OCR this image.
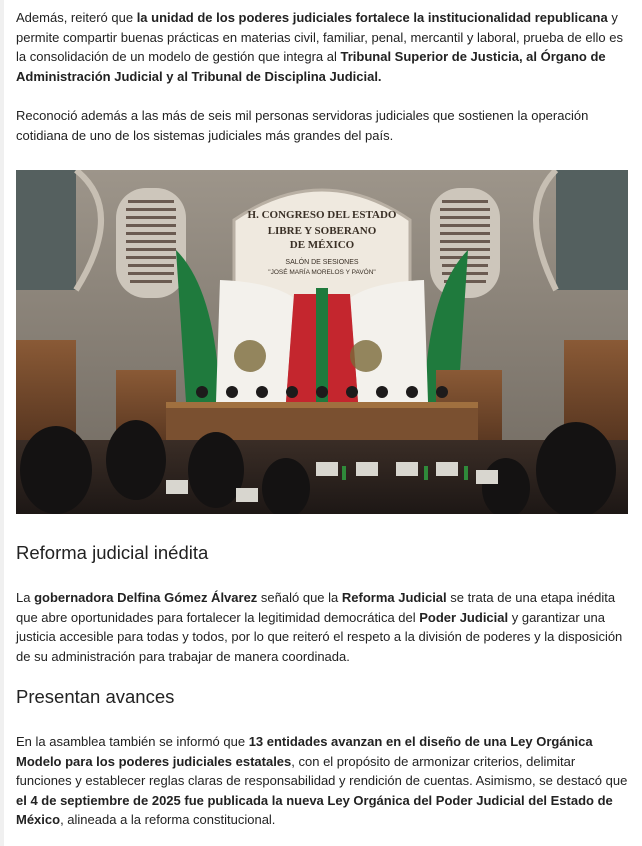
Además, reiteró que la unidad de los poderes judiciales fortalece la institucionalidad republicana y permite compartir buenas prácticas en materias civil, familiar, penal, mercantil y laboral, prueba de ello es la consolidación de un modelo de gestión que integra al Tribunal Superior de Justicia, al Órgano de Administración Judicial y al Tribunal de Disciplina Judicial.

Reconoció además a las más de seis mil personas servidoras judiciales que sostienen la operación cotidiana de uno de los sistemas judiciales más grandes del país.

H. CONGRESO DEL ESTADO
LIBRE Y SOBERANO
DE MÉXICO
SALÓN DE SESIONES
"JOSÉ MARÍA MORELOS Y PAVÓN"
Reforma judicial inédita

La gobernadora Delfina Gómez Álvarez señaló que la Reforma Judicial se trata de una etapa inédita que abre oportunidades para fortalecer la legitimidad democrática del Poder Judicial y garantizar una justicia accesible para todas y todos, por lo que reiteró el respeto a la división de poderes y la disposición de su administración para trabajar de manera coordinada.

Presentan avances

En la asamblea también se informó que 13 entidades avanzan en el diseño de una Ley Orgánica Modelo para los poderes judiciales estatales, con el propósito de armonizar criterios, delimitar funciones y establecer reglas claras de responsabilidad y rendición de cuentas. Asimismo, se destacó que el 4 de septiembre de 2025 fue publicada la nueva Ley Orgánica del Poder Judicial del Estado de México, alineada a la reforma constitucional.
